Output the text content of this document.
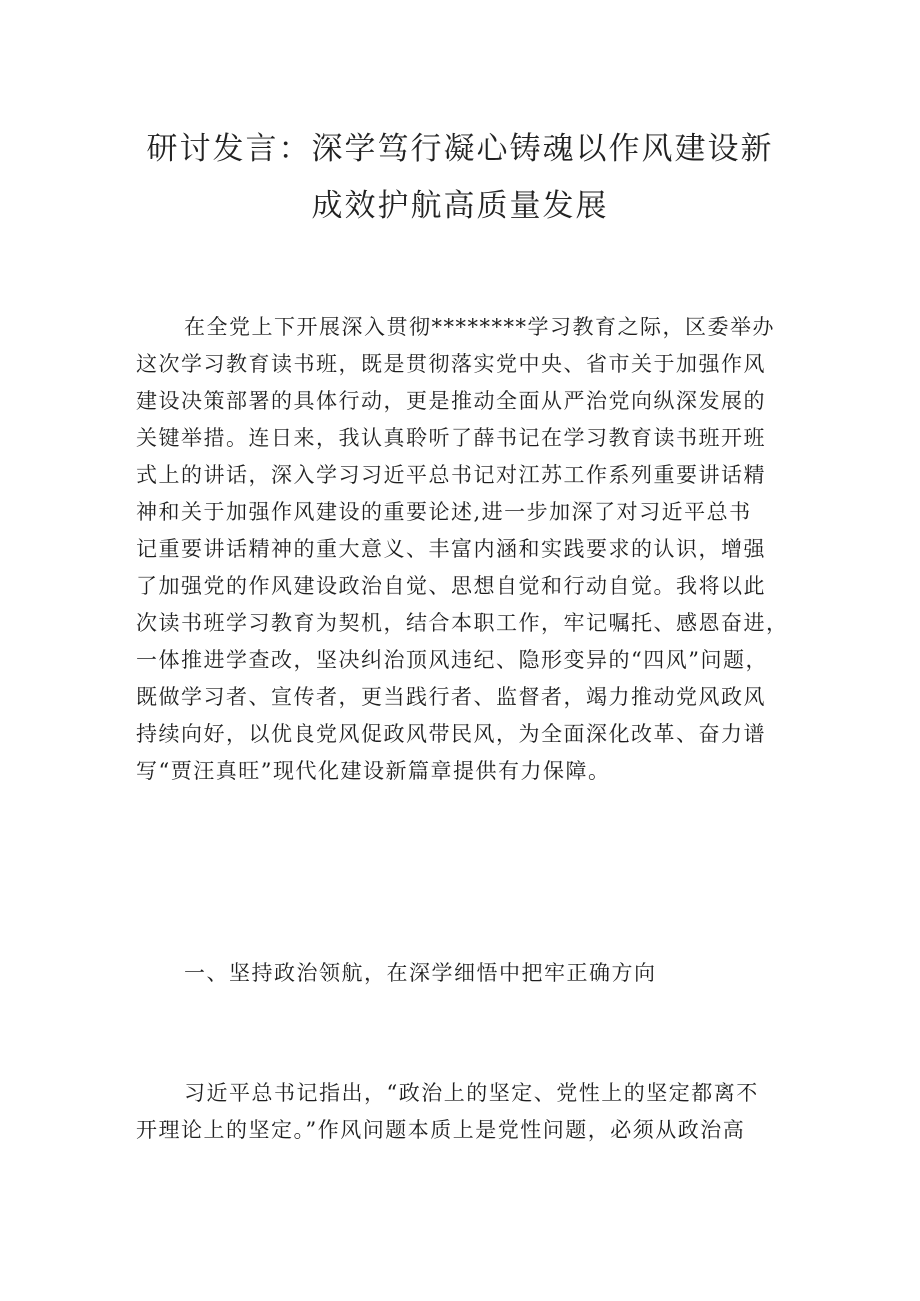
研讨发言：深学笃行凝心铸魂以作风建设新
成效护航高质量发展
在全党上下开展深入贯彻********学习教育之际，区委举办
这次学习教育读书班，既是贯彻落实党中央、省市关于加强作风
建设决策部署的具体行动，更是推动全面从严治党向纵深发展的
关键举措。连日来，我认真聆听了薛书记在学习教育读书班开班
式上的讲话，深入学习习近平总书记对江苏工作系列重要讲话精
神和关于加强作风建设的重要论述,进一步加深了对习近平总书
记重要讲话精神的重大意义、丰富内涵和实践要求的认识，增强
了加强党的作风建设政治自觉、思想自觉和行动自觉。我将以此
次读书班学习教育为契机，结合本职工作，牢记嘱托、感恩奋进，
一体推进学查改，坚决纠治顶风违纪、隐形变异的“四风”问题，
既做学习者、宣传者，更当践行者、监督者，竭力推动党风政风
持续向好，以优良党风促政风带民风，为全面深化改革、奋力谱
写“贾汪真旺”现代化建设新篇章提供有力保障。
一、坚持政治领航，在深学细悟中把牢正确方向
习近平总书记指出，“政治上的坚定、党性上的坚定都离不
开理论上的坚定。”作风问题本质上是党性问题，必须从政治高
